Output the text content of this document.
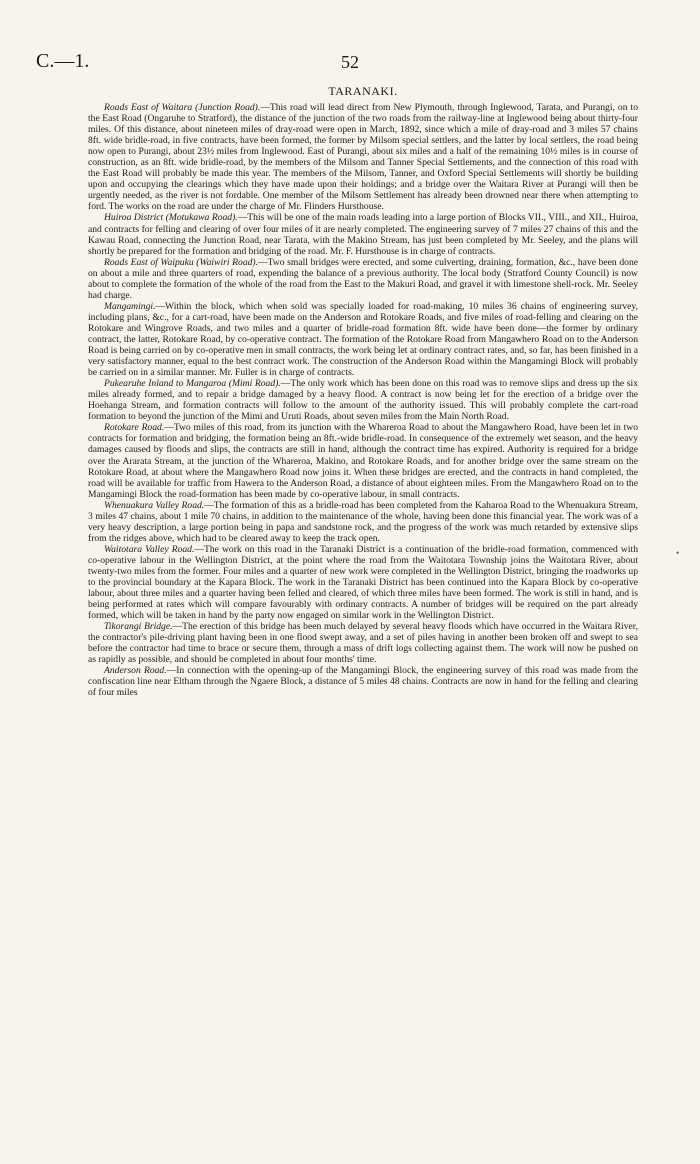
C.—1.	52
TARANAKI.

Roads East of Waitara (Junction Road).—This road will lead direct from New Plymouth, through Inglewood, Tarata, and Purangi, on to the East Road (Ongaruhe to Stratford), the distance of the junction of the two roads from the railway-line at Inglewood being about thirty-four miles. Of this distance, about nineteen miles of dray-road were open in March, 1892, since which a mile of dray-road and 3 miles 57 chains 8ft. wide bridle-road, in five contracts, have been formed, the former by Milsom special settlers, and the latter by local settlers, the road being now open to Purangi, about 23½ miles from Inglewood. East of Purangi, about six miles and a half of the remaining 10½ miles is in course of construction, as an 8ft. wide bridle-road, by the members of the Milsom and Tanner Special Settlements, and the connection of this road with the East Road will probably be made this year. The members of the Milsom, Tanner, and Oxford Special Settlements will shortly be building upon and occupying the clearings which they have made upon their holdings; and a bridge over the Waitara River at Purangi will then be urgently needed, as the river is not fordable. One member of the Milsom Settlement has already been drowned near there when attempting to ford. The works on the road are under the charge of Mr. Flinders Hursthouse.

Huiroa District (Motukawa Road).—This will be one of the main roads leading into a large portion of Blocks VII., VIII., and XII., Huiroa, and contracts for felling and clearing of over four miles of it are nearly completed. The engineering survey of 7 miles 27 chains of this and the Kawau Road, connecting the Junction Road, near Tarata, with the Makino Stream, has just been completed by Mr. Seeley, and the plans will shortly be prepared for the formation and bridging of the road. Mr. F. Hursthouse is in charge of contracts.

Roads East of Waipuku (Waiwiri Road).—Two small bridges were erected, and some culverting, draining, formation, &c., have been done on about a mile and three quarters of road, expending the balance of a previous authority. The local body (Stratford County Council) is now about to complete the formation of the whole of the road from the East to the Makuri Road, and gravel it with limestone shell-rock. Mr. Seeley had charge.

Mangamingi.—Within the block, which when sold was specially loaded for road-making, 10 miles 36 chains of engineering survey, including plans, &c., for a cart-road, have been made on the Anderson and Rotokare Roads, and five miles of road-felling and clearing on the Rotokare and Wingrove Roads, and two miles and a quarter of bridle-road formation 8ft. wide have been done—the former by ordinary contract, the latter, Rotokare Road, by co-operative contract. The formation of the Rotokare Road from Mangawhero Road on to the Anderson Road is being carried on by co-operative men in small contracts, the work being let at ordinary contract rates, and, so far, has been finished in a very satisfactory manner, equal to the best contract work. The construction of the Anderson Road within the Mangamingi Block will probably be carried on in a similar manner. Mr. Fuller is in charge of contracts.

Pukearuhe Inland to Mangaroa (Mimi Road).—The only work which has been done on this road was to remove slips and dress up the six miles already formed, and to repair a bridge damaged by a heavy flood. A contract is now being let for the erection of a bridge over the Hoehanga Stream, and formation contracts will follow to the amount of the authority issued. This will probably complete the cart-road formation to beyond the junction of the Mimi and Uruti Roads, about seven miles from the Main North Road.

Rotokare Road.—Two miles of this road, from its junction with the Whareroa Road to about the Mangawhero Road, have been let in two contracts for formation and bridging, the formation being an 8ft.-wide bridle-road. In consequence of the extremely wet season, and the heavy damages caused by floods and slips, the contracts are still in hand, although the contract time has expired. Authority is required for a bridge over the Ararata Stream, at the junction of the Whareroa, Makino, and Rotokare Roads, and for another bridge over the same stream on the Rotokare Road, at about where the Mangawhero Road now joins it. When these bridges are erected, and the contracts in hand completed, the road will be available for traffic from Hawera to the Anderson Road, a distance of about eighteen miles. From the Mangawhero Road on to the Mangamingi Block the road-formation has been made by co-operative labour, in small contracts.

Whenuakura Valley Road.—The formation of this as a bridle-road has been completed from the Kaharoa Road to the Whenuakura Stream, 3 miles 47 chains, about 1 mile 70 chains, in addition to the maintenance of the whole, having been done this financial year. The work was of a very heavy description, a large portion being in papa and sandstone rock, and the progress of the work was much retarded by extensive slips from the ridges above, which had to be cleared away to keep the track open.

Waitotara Valley Road.—The work on this road in the Taranaki District is a continuation of the bridle-road formation, commenced with co-operative labour in the Wellington District, at the point where the road from the Waitotara Township joins the Waitotara River, about twenty-two miles from the former. Four miles and a quarter of new work were completed in the Wellington District, bringing the roadworks up to the provincial boundary at the Kapara Block. The work in the Taranaki District has been continued into the Kapara Block by co-operative labour, about three miles and a quarter having been felled and cleared, of which three miles have been formed. The work is still in hand, and is being performed at rates which will compare favourably with ordinary contracts. A number of bridges will be required on the part already formed, which will be taken in hand by the party now engaged on similar work in the Wellington District.

Tikorangi Bridge.—The erection of this bridge has been much delayed by several heavy floods which have occurred in the Waitara River, the contractor's pile-driving plant having been in one flood swept away, and a set of piles having in another been broken off and swept to sea before the contractor had time to brace or secure them, through a mass of drift logs collecting against them. The work will now be pushed on as rapidly as possible, and should be completed in about four months' time.

Anderson Road.—In connection with the opening-up of the Mangamingi Block, the engineering survey of this road was made from the confiscation line near Eltham through the Ngaere Block, a distance of 5 miles 48 chains. Contracts are now in hand for the felling and clearing of four miles

•
